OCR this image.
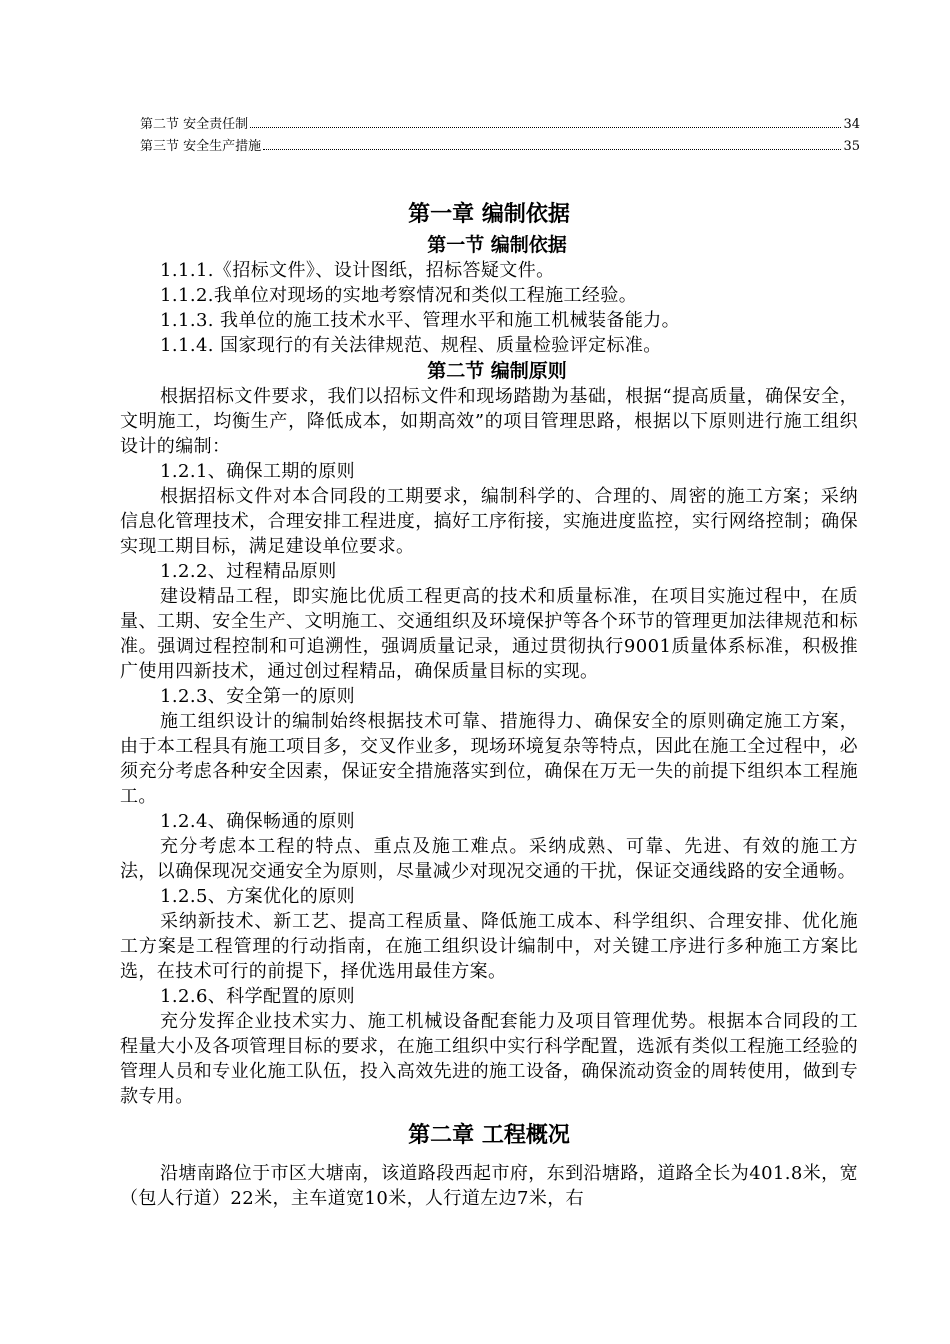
第二节 安全责任制	34
第三节 安全生产措施	35
第一章 编制依据
第一节 编制依据

1.1.1.《招标文件》、设计图纸，招标答疑文件。

1.1.2.我单位对现场的实地考察情况和类似工程施工经验。

1.1.3. 我单位的施工技术水平、管理水平和施工机械装备能力。

1.1.4. 国家现行的有关法律规范、规程、质量检验评定标准。

第二节 编制原则

根据招标文件要求，我们以招标文件和现场踏勘为基础，根据“提高质量，确保安全，文明施工，均衡生产，降低成本，如期高效”的项目管理思路，根据以下原则进行施工组织设计的编制：

1.2.1、确保工期的原则

根据招标文件对本合同段的工期要求，编制科学的、合理的、周密的施工方案；采纳信息化管理技术，合理安排工程进度，搞好工序衔接，实施进度监控，实行网络控制；确保实现工期目标，满足建设单位要求。

1.2.2、过程精品原则

建设精品工程，即实施比优质工程更高的技术和质量标准，在项目实施过程中，在质量、工期、安全生产、文明施工、交通组织及环境保护等各个环节的管理更加法律规范和标准。强调过程控制和可追溯性，强调质量记录，通过贯彻执行9001质量体系标准，积极推广使用四新技术，通过创过程精品，确保质量目标的实现。

1.2.3、安全第一的原则

施工组织设计的编制始终根据技术可靠、措施得力、确保安全的原则确定施工方案，由于本工程具有施工项目多，交叉作业多，现场环境复杂等特点，因此在施工全过程中，必须充分考虑各种安全因素，保证安全措施落实到位，确保在万无一失的前提下组织本工程施工。

1.2.4、确保畅通的原则

充分考虑本工程的特点、重点及施工难点。采纳成熟、可靠、先进、有效的施工方法，以确保现况交通安全为原则，尽量减少对现况交通的干扰，保证交通线路的安全通畅。

1.2.5、方案优化的原则

采纳新技术、新工艺、提高工程质量、降低施工成本、科学组织、合理安排、优化施工方案是工程管理的行动指南，在施工组织设计编制中，对关键工序进行多种施工方案比选，在技术可行的前提下，择优选用最佳方案。

1.2.6、科学配置的原则

充分发挥企业技术实力、施工机械设备配套能力及项目管理优势。根据本合同段的工程量大小及各项管理目标的要求，在施工组织中实行科学配置，选派有类似工程施工经验的管理人员和专业化施工队伍，投入高效先进的施工设备，确保流动资金的周转使用，做到专款专用。

第二章 工程概况

沿塘南路位于市区大塘南，该道路段西起市府，东到沿塘路，道路全长为401.8米，宽（包人行道）22米，主车道宽10米，人行道左边7米，右
